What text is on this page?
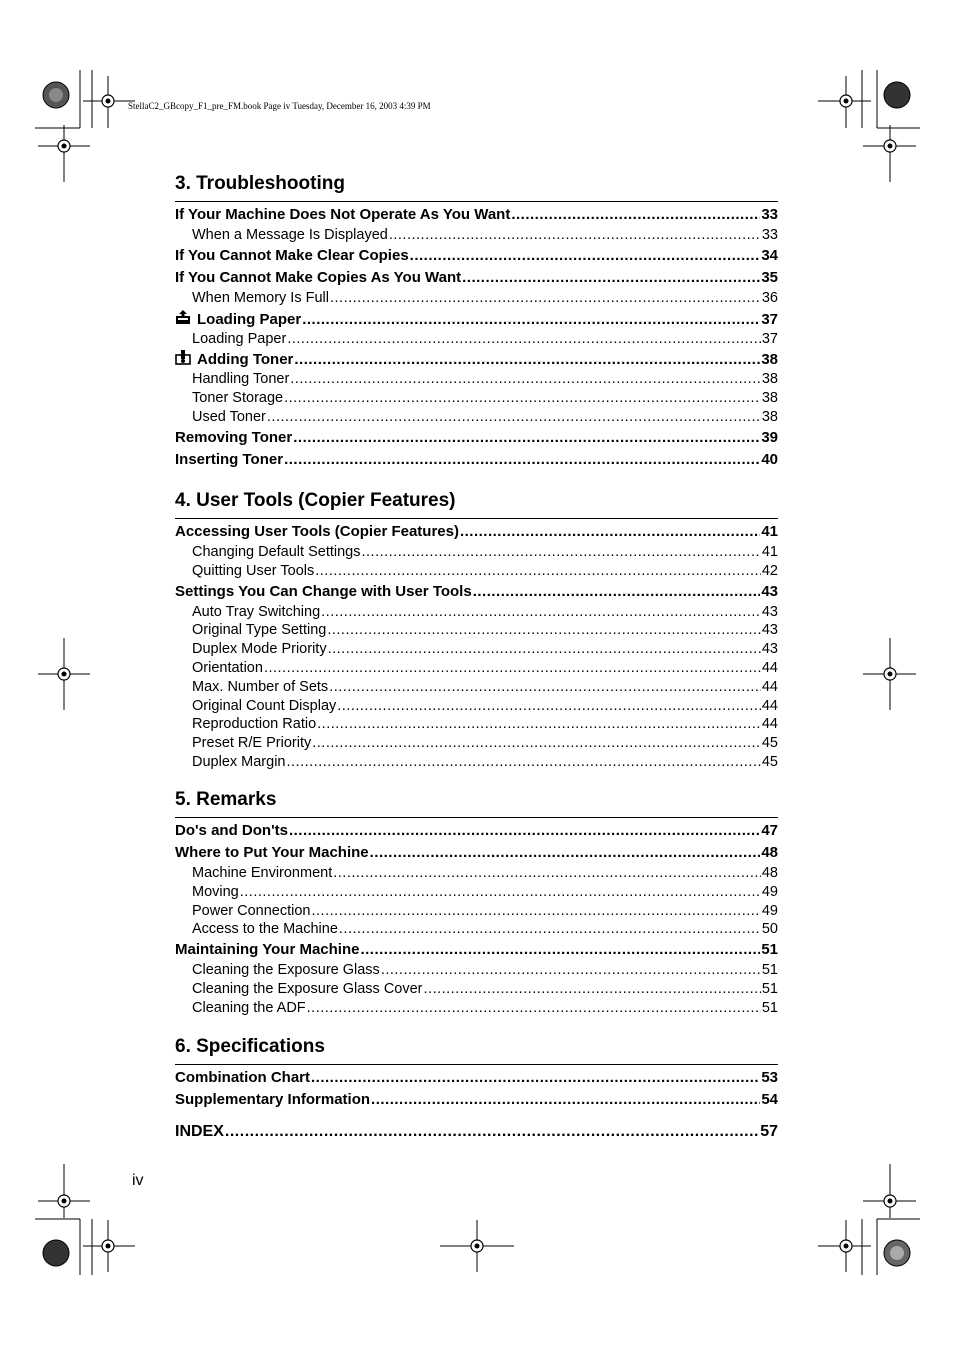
StellaC2_GBcopy_F1_pre_FM.book Page iv Tuesday, December 16, 2003 4:39 PM
3. Troubleshooting
If Your Machine Does Not Operate As You Want .....	33
When a Message Is Displayed .....	33
If You Cannot Make Clear Copies .....	34
If You Cannot Make Copies As You Want .....	35
When Memory Is Full .....	36
Loading Paper .....	37
Loading Paper .....	37
Adding Toner .....	38
Handling Toner .....	38
Toner Storage .....	38
Used Toner .....	38
Removing Toner .....	39
Inserting Toner .....	40
4. User Tools (Copier Features)
Accessing User Tools (Copier Features) .....	41
Changing Default Settings .....	41
Quitting User Tools .....	42
Settings You Can Change with User Tools .....	43
Auto Tray Switching .....	43
Original Type Setting .....	43
Duplex Mode Priority .....	43
Orientation .....	44
Max. Number of Sets .....	44
Original Count Display .....	44
Reproduction Ratio .....	44
Preset R/E Priority .....	45
Duplex Margin .....	45
5. Remarks
Do's and Don'ts .....	47
Where to Put Your Machine .....	48
Machine Environment .....	48
Moving .....	49
Power Connection .....	49
Access to the Machine .....	50
Maintaining Your Machine .....	51
Cleaning the Exposure Glass .....	51
Cleaning the Exposure Glass Cover .....	51
Cleaning the ADF .....	51
6. Specifications
Combination Chart .....	53
Supplementary Information .....	54
INDEX .....	57
iv
